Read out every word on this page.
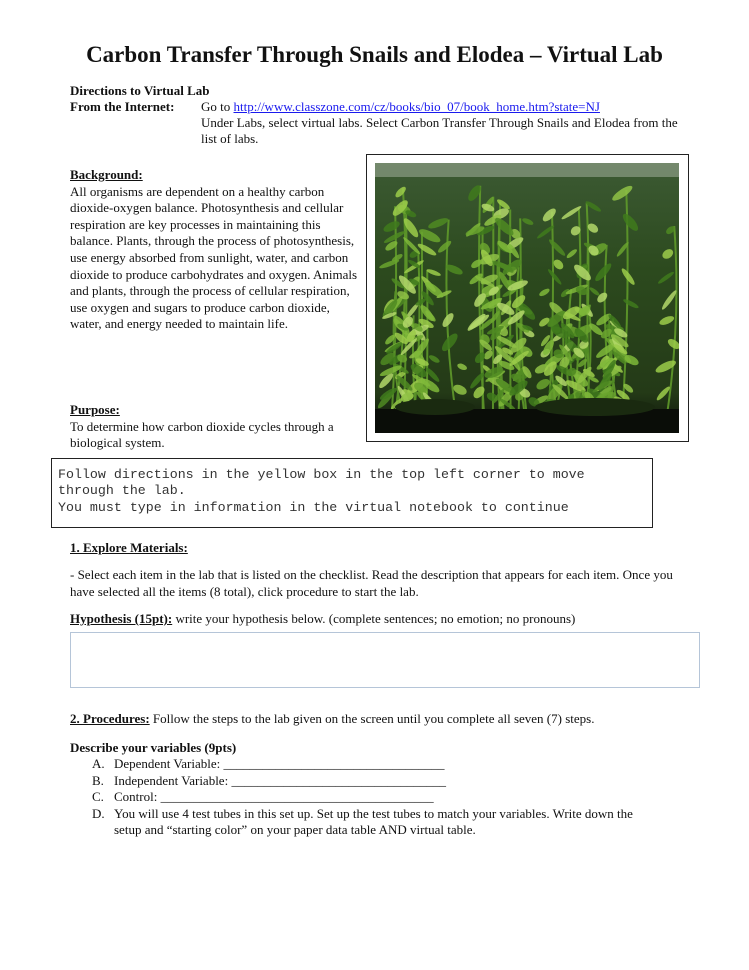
Carbon Transfer Through Snails and Elodea – Virtual Lab
Directions to Virtual Lab
From the Internet:	Go to http://www.classzone.com/cz/books/bio_07/book_home.htm?state=NJ
Under Labs, select virtual labs. Select Carbon Transfer Through Snails and Elodea from the list of labs.
Background:
All organisms are dependent on a healthy carbon dioxide-oxygen balance. Photosynthesis and cellular respiration are key processes in maintaining this balance. Plants, through the process of photosynthesis, use energy absorbed from sunlight, water, and carbon dioxide to produce carbohydrates and oxygen. Animals and plants, through the process of cellular respiration, use oxygen and sugars to produce carbon dioxide, water, and energy needed to maintain life.
Purpose:
To determine how carbon dioxide cycles through a biological system.
Follow directions in the yellow box in the top left corner to move
through the lab.
You must type in information in the virtual notebook to continue
1. Explore Materials:
- Select each item in the lab that is listed on the checklist. Read the description that appears for each item. Once you have selected all the items (8 total), click procedure to start the lab.
Hypothesis (15pt): write your hypothesis below. (complete sentences; no emotion; no pronouns)
2. Procedures: Follow the steps to the lab given on the screen until you complete all seven (7) steps.
Describe your variables (9pts)
A. Dependent Variable: __________________________________
B. Independent Variable: _________________________________
C. Control: __________________________________________
D. You will use 4 test tubes in this set up. Set up the test tubes to match your variables. Write down the setup and “starting color” on your paper data table AND virtual table.
